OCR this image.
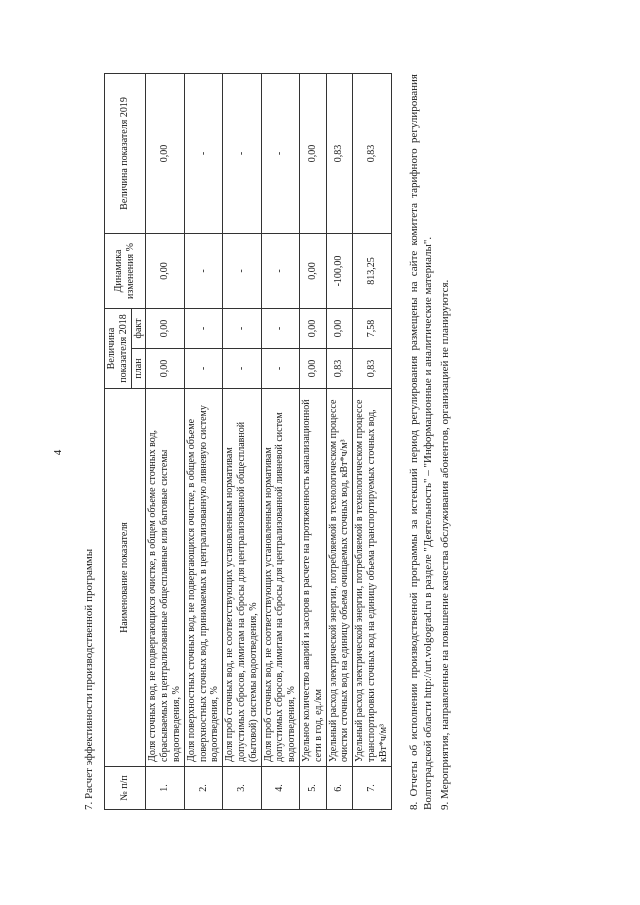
4
7. Расчет эффективности производственной программы № п/п	Наименование показателя	Величина показателя 2018		Динамика изменения %	Величина показателя 2019
		план	факт		
1.	Доля сточных вод, не подвергающихся очистке, в общем объеме сточных вод, сбрасываемых в централизованные общесплавные или бытовые системы водоотведения, %	0,00	0,00	0,00	0,00
2.	Доля поверхностных сточных вод, не подвергающихся очистке, в общем объеме поверхностных сточных вод, принимаемых в централизованную ливневую систему водоотведения, %	-	-	-	-
3.	Доля проб сточных вод, не соответствующих установленным нормативам допустимых сбросов, лимитам на сбросы для централизованной общесплавной (бытовой) системы водоотведения, %	-	-	-	-
4.	Доля проб сточных вод, не соответствующих установленным нормативам допустимых сбросов, лимитам на сбросы для централизованной ливневой систем водоотведения, %	-	-	-	-
5.	Удельное количество аварий и засоров в расчете на протяженность канализационной сети в год, ед./км	0,00	0,00	0,00	0,00
6.	Удельный расход электрической энергии, потребляемой в технологическом процессе очистки сточных вод на единицу объема очищаемых сточных вод, кВт*ч/м³	0,83	0,00	-100,00	0,83
7.	Удельный расход электрической энергии, потребляемой в технологическом процессе транспортировки сточных вод на единицу объема транспортируемых сточных вод, кВт*ч/м³	0,83	7,58	813,25	0,83	8. Отчеты об исполнении производственной программы за истекший период регулирования размещены на сайте комитета тарифного регулирования Волгоградской области http://urt.volgograd.ru в разделе "Деятельность" – "Информационные и аналитические материалы". 9. Мероприятия, направленные на повышение качества обслуживания абонентов, организацией не планируются.
